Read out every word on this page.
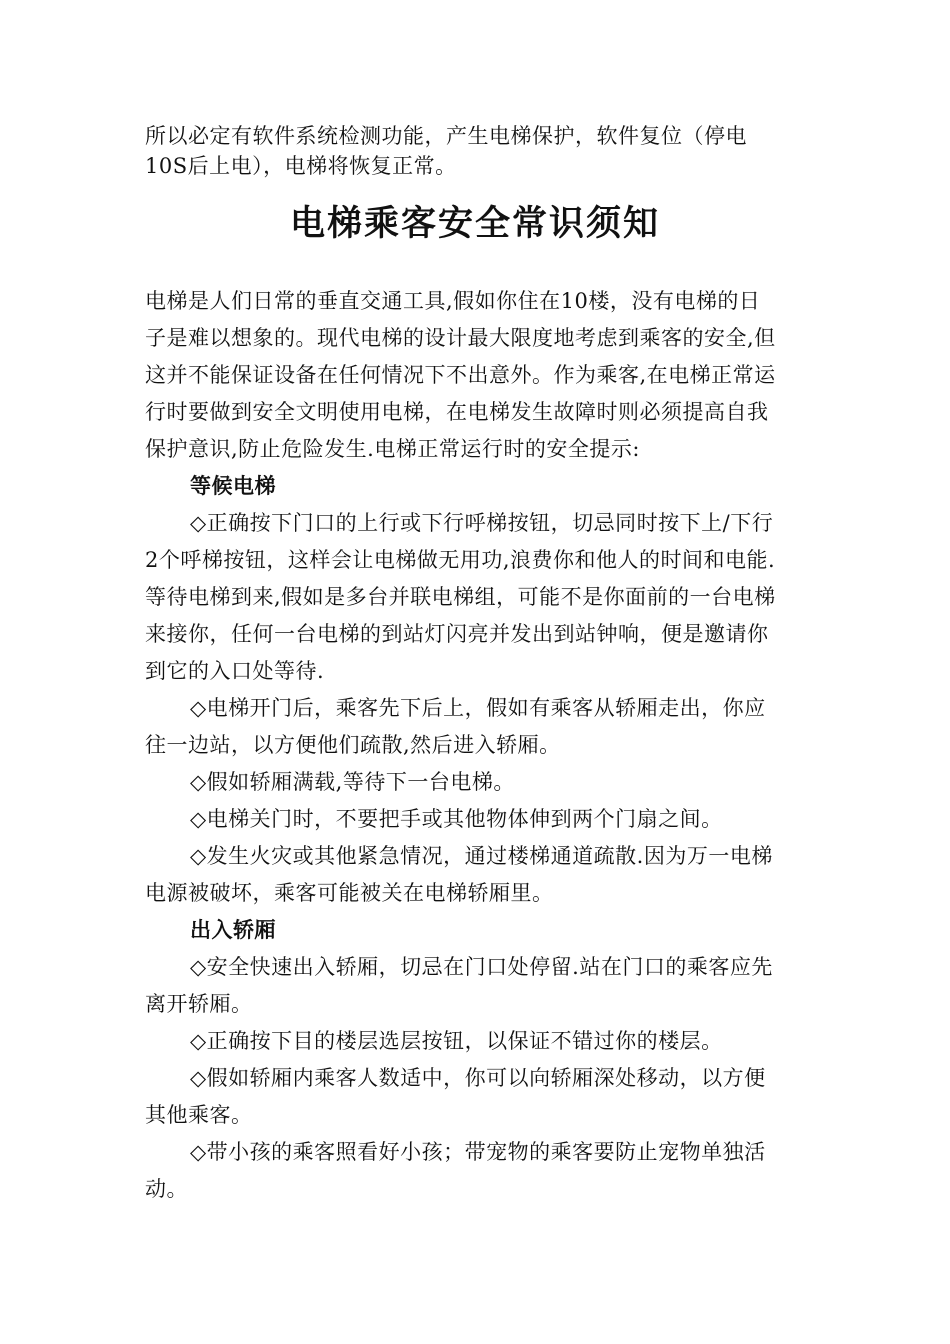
所以必定有软件系统检测功能，产生电梯保护，软件复位（停电
10S后上电），电梯将恢复正常。
电梯乘客安全常识须知
电梯是人们日常的垂直交通工具,假如你住在10楼，没有电梯的日
子是难以想象的。现代电梯的设计最大限度地考虑到乘客的安全,但
这并不能保证设备在任何情况下不出意外。作为乘客,在电梯正常运
行时要做到安全文明使用电梯，在电梯发生故障时则必须提高自我
保护意识,防止危险发生.电梯正常运行时的安全提示:
等候电梯
◇正确按下门口的上行或下行呼梯按钮，切忌同时按下上/下行
2个呼梯按钮，这样会让电梯做无用功,浪费你和他人的时间和电能.
等待电梯到来,假如是多台并联电梯组，可能不是你面前的一台电梯
来接你，任何一台电梯的到站灯闪亮并发出到站钟响，便是邀请你
到它的入口处等待.
◇电梯开门后，乘客先下后上，假如有乘客从轿厢走出，你应
往一边站，以方便他们疏散,然后进入轿厢。
◇假如轿厢满载,等待下一台电梯。
◇电梯关门时，不要把手或其他物体伸到两个门扇之间。
◇发生火灾或其他紧急情况，通过楼梯通道疏散.因为万一电梯
电源被破坏，乘客可能被关在电梯轿厢里。
出入轿厢
◇安全快速出入轿厢，切忌在门口处停留.站在门口的乘客应先
离开轿厢。
◇正确按下目的楼层选层按钮，以保证不错过你的楼层。
◇假如轿厢内乘客人数适中，你可以向轿厢深处移动，以方便
其他乘客。
◇带小孩的乘客照看好小孩；带宠物的乘客要防止宠物单独活
动。
